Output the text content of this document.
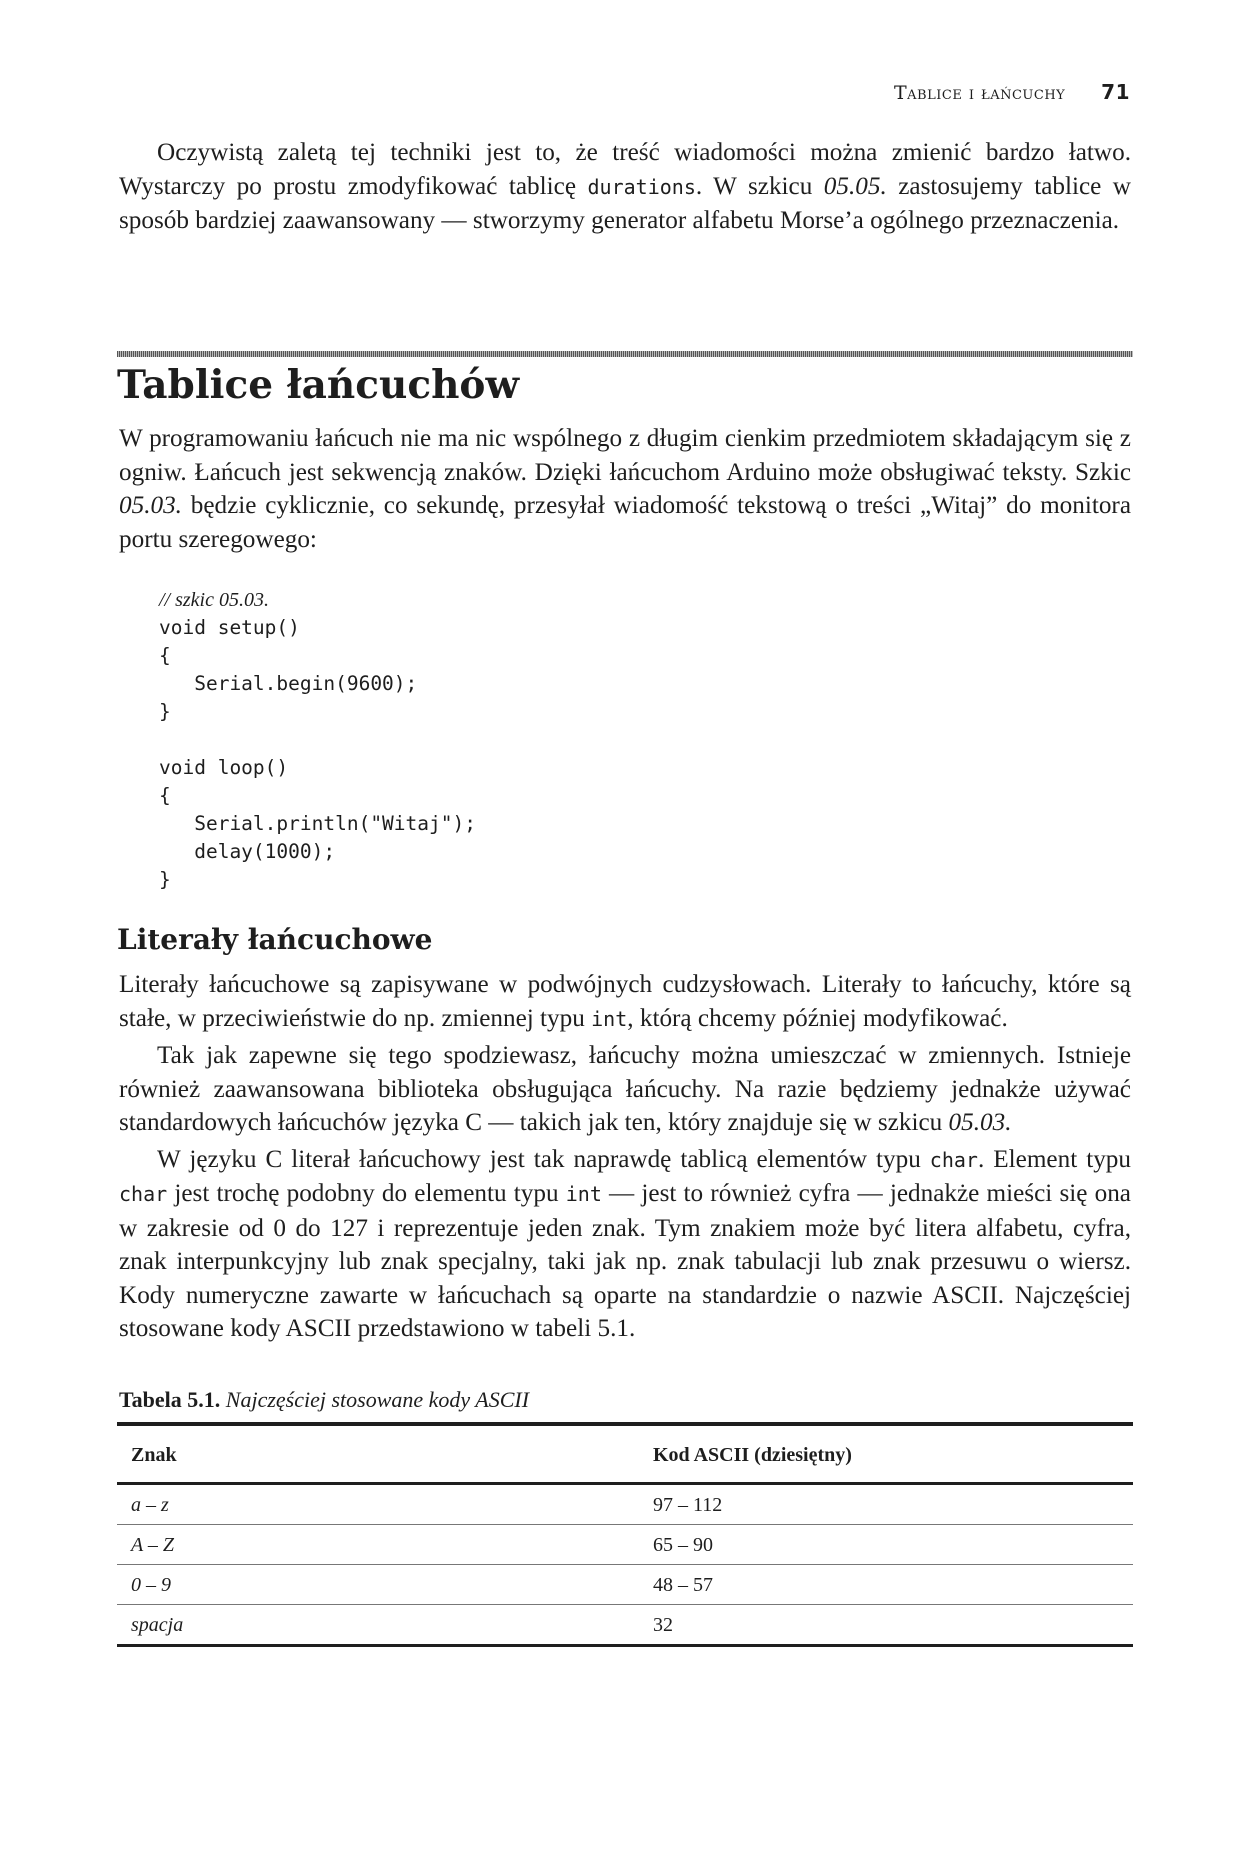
Tablice i łańcuchy 71

Oczywistą zaletą tej techniki jest to, że treść wiadomości można zmienić bardzo łatwo. Wystarczy po prostu zmodyfikować tablicę durations. W szkicu 05.05. zastosujemy tablice w sposób bardziej zaawansowany — stworzymy generator alfabetu Morse’a ogólnego przeznaczenia.

Tablice łańcuchów

W programowaniu łańcuch nie ma nic wspólnego z długim cienkim przedmiotem składającym się z ogniw. Łańcuch jest sekwencją znaków. Dzięki łańcuchom Arduino może obsługiwać teksty. Szkic 05.03. będzie cyklicznie, co sekundę, przesyłał wiadomość tekstową o treści „Witaj” do monitora portu szeregowego:

// szkic 05.03.
void setup()
{
Serial.begin(9600);
}
void loop()
{
Serial.println("Witaj");
delay(1000);
}
Literały łańcuchowe

Literały łańcuchowe są zapisywane w podwójnych cudzysłowach. Literały to łańcuchy, które są stałe, w przeciwieństwie do np. zmiennej typu int, którą chcemy później modyfikować.

Tak jak zapewne się tego spodziewasz, łańcuchy można umieszczać w zmiennych. Istnieje również zaawansowana biblioteka obsługująca łańcuchy. Na razie będziemy jednakże używać standardowych łańcuchów języka C — takich jak ten, który znajduje się w szkicu 05.03.

W języku C literał łańcuchowy jest tak naprawdę tablicą elementów typu char. Element typu char jest trochę podobny do elementu typu int — jest to również cyfra — jednakże mieści się ona w zakresie od 0 do 127 i reprezentuje jeden znak. Tym znakiem może być litera alfabetu, cyfra, znak interpunkcyjny lub znak specjalny, taki jak np. znak tabulacji lub znak przesuwu o wiersz. Kody numeryczne zawarte w łańcuchach są oparte na standardzie o nazwie ASCII. Najczęściej stosowane kody ASCII przedstawiono w tabeli 5.1.

Tabela 5.1. Najczęściej stosowane kody ASCII

Znak	Kod ASCII (dziesiętny)
a – z	97 – 112
A – Z	65 – 90
0 – 9	48 – 57
spacja	32
